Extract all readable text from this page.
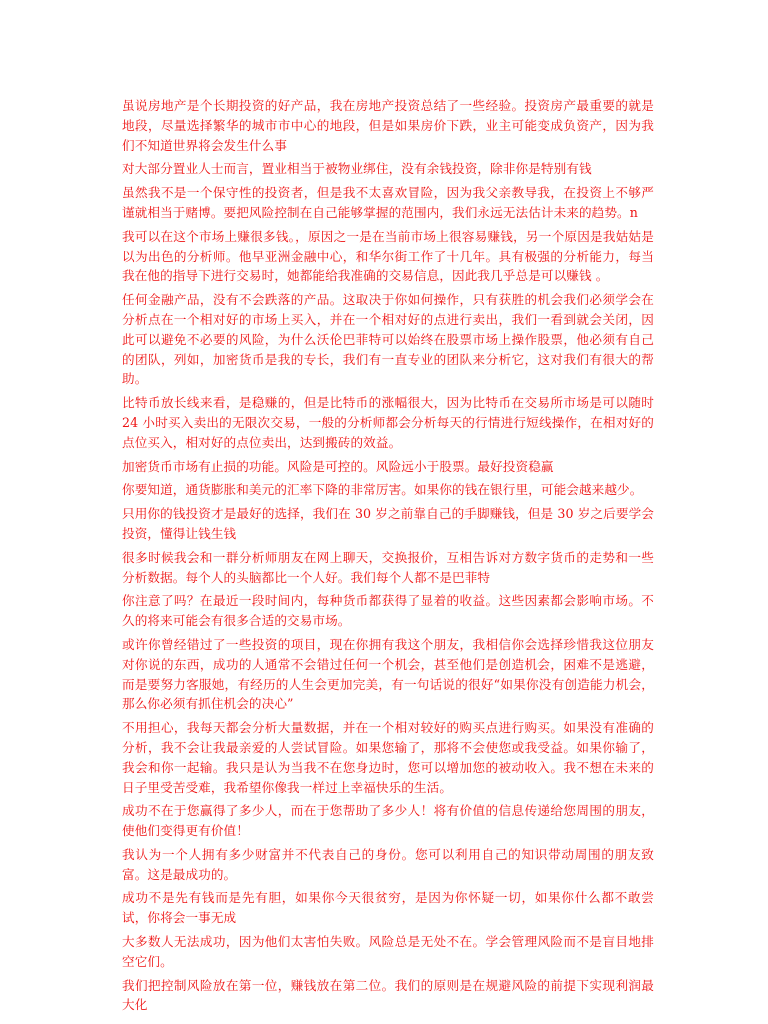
虽说房地产是个长期投资的好产品，我在房地产投资总结了一些经验。投资房产最重要的就是地段，尽量选择繁华的城市市中心的地段，但是如果房价下跌，业主可能变成负资产，因为我们不知道世界将会发生什么事

对大部分置业人士而言，置业相当于被物业绑住，没有余钱投资，除非你是特别有钱

虽然我不是一个保守性的投资者，但是我不太喜欢冒险，因为我父亲教导我，在投资上不够严谨就相当于赌博。要把风险控制在自己能够掌握的范围内，我们永远无法估计未来的趋势。n

我可以在这个市场上赚很多钱。，原因之一是在当前市场上很容易赚钱，另一个原因是我姑姑是以为出色的分析师。他早亚洲金融中心，和华尔街工作了十几年。具有极强的分析能力，每当我在他的指导下进行交易时，她都能给我准确的交易信息，因此我几乎总是可以赚钱 。

任何金融产品，没有不会跌落的产品。这取决于你如何操作，只有获胜的机会我们必须学会在分析点在一个相对好的市场上买入，并在一个相对好的点进行卖出，我们一看到就会关闭，因此可以避免不必要的风险，为什么沃伦巴菲特可以始终在股票市场上操作股票，他必须有自己的团队，列如，加密货币是我的专长，我们有一直专业的团队来分析它，这对我们有很大的帮助。

比特币放长线来看，是稳赚的，但是比特币的涨幅很大，因为比特币在交易所市场是可以随时 24 小时买入卖出的无限次交易，一般的分析师都会分析每天的行情进行短线操作，在相对好的点位买入，相对好的点位卖出，达到搬砖的效益。

加密货币市场有止损的功能。风险是可控的。风险远小于股票。最好投资稳赢

你要知道，通货膨胀和美元的汇率下降的非常厉害。如果你的钱在银行里，可能会越来越少。

只用你的钱投资才是最好的选择，我们在 30 岁之前靠自己的手脚赚钱，但是 30 岁之后要学会投资，懂得让钱生钱

很多时候我会和一群分析师朋友在网上聊天，交换报价，互相告诉对方数字货币的走势和一些分析数据。每个人的头脑都比一个人好。我们每个人都不是巴菲特

你注意了吗？在最近一段时间内，每种货币都获得了显着的收益。这些因素都会影响市场。不久的将来可能会有很多合适的交易市场。

或许你曾经错过了一些投资的项目，现在你拥有我这个朋友，我相信你会选择珍惜我这位朋友对你说的东西，成功的人通常不会错过任何一个机会，甚至他们是创造机会，困难不是逃避，而是要努力客服她，有经历的人生会更加完美，有一句话说的很好“如果你没有创造能力机会，那么你必须有抓住机会的决心”

不用担心，我每天都会分析大量数据，并在一个相对较好的购买点进行购买。如果没有准确的分析，我不会让我最亲爱的人尝试冒险。如果您输了，那将不会使您或我受益。如果你输了，我会和你一起输。我只是认为当我不在您身边时，您可以增加您的被动收入。我不想在未来的日子里受苦受难，我希望你像我一样过上幸福快乐的生活。

成功不在于您赢得了多少人，而在于您帮助了多少人！将有价值的信息传递给您周围的朋友，使他们变得更有价值！

我认为一个人拥有多少财富并不代表自己的身份。您可以利用自己的知识带动周围的朋友致富。这是最成功的。

成功不是先有钱而是先有胆，如果你今天很贫穷，是因为你怀疑一切，如果你什么都不敢尝试，你将会一事无成

大多数人无法成功，因为他们太害怕失败。风险总是无处不在。学会管理风险而不是盲目地排空它们。

我们把控制风险放在第一位，赚钱放在第二位。我们的原则是在规避风险的前提下实现利润最大化
